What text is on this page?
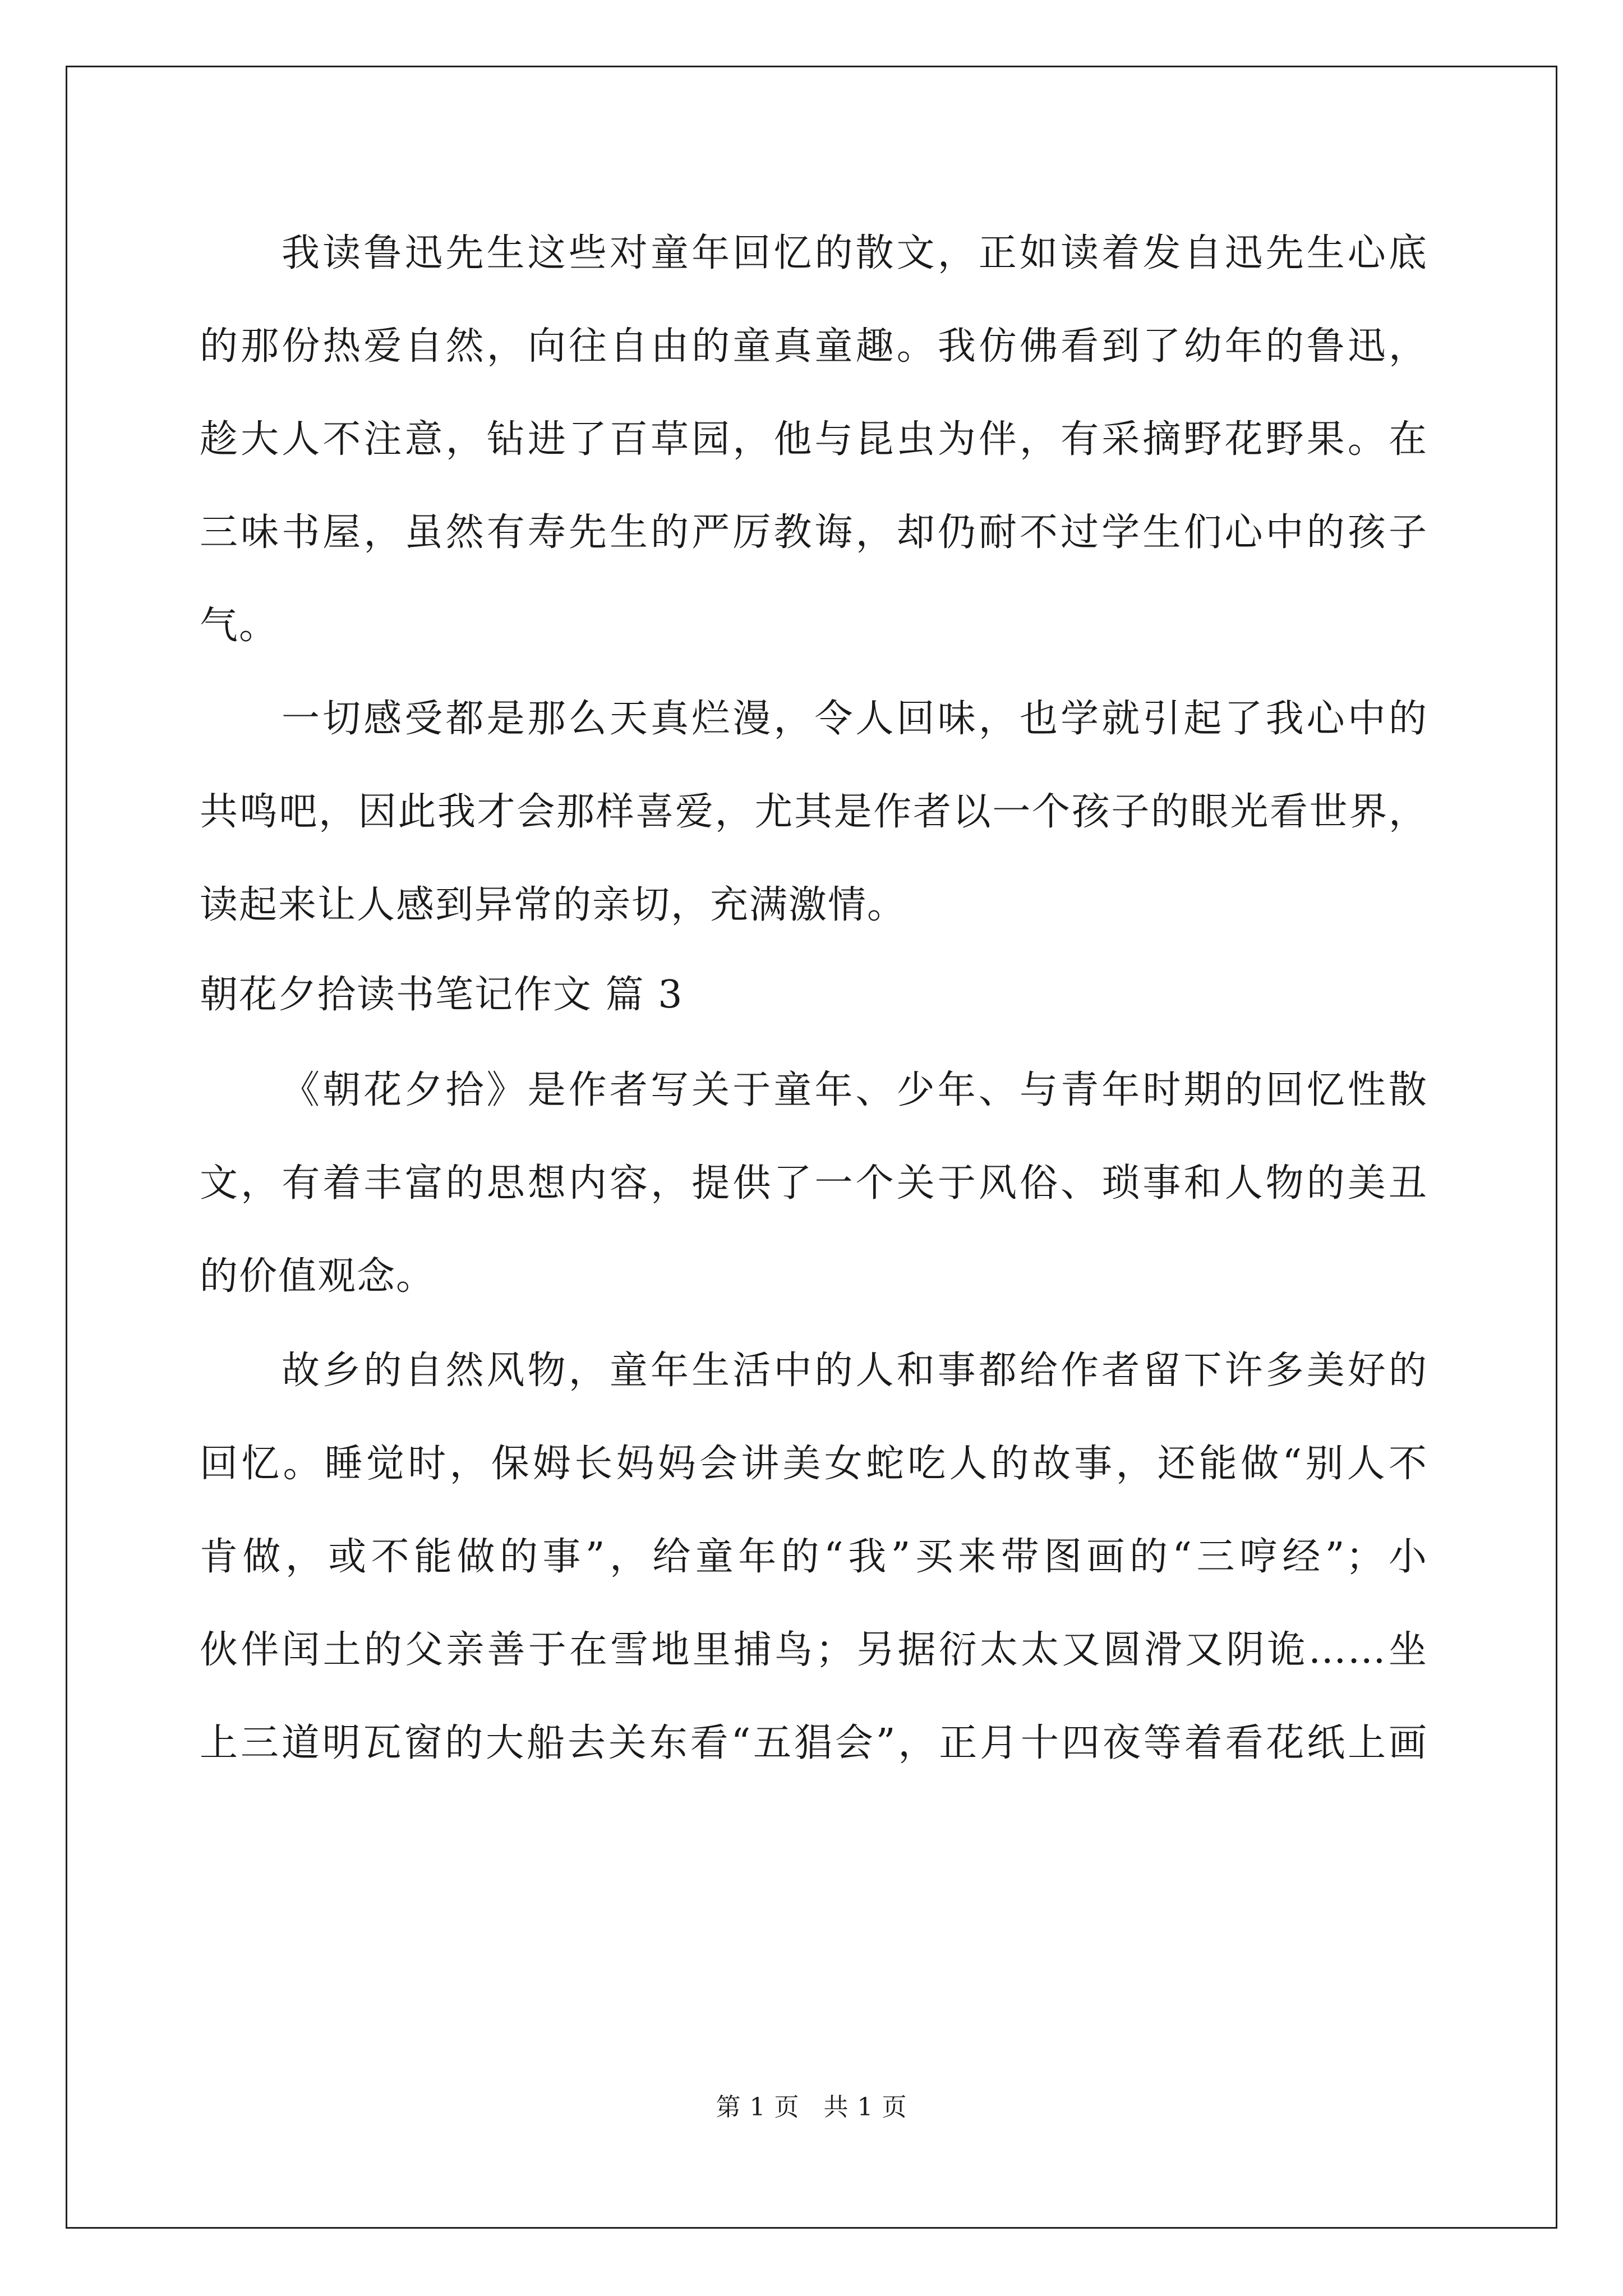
我读鲁迅先生这些对童年回忆的散文，正如读着发自迅先生心底
的那份热爱自然，向往自由的童真童趣。我仿佛看到了幼年的鲁迅，
趁大人不注意，钻进了百草园，他与昆虫为伴，有采摘野花野果。在
三味书屋，虽然有寿先生的严厉教诲，却仍耐不过学生们心中的孩子
气。
一切感受都是那么天真烂漫，令人回味，也学就引起了我心中的
共鸣吧，因此我才会那样喜爱，尤其是作者以一个孩子的眼光看世界，
读起来让人感到异常的亲切，充满激情。
朝花夕拾读书笔记作文 篇 3
《朝花夕拾》是作者写关于童年、少年、与青年时期的回忆性散
文，有着丰富的思想内容，提供了一个关于风俗、琐事和人物的美丑
的价值观念。
故乡的自然风物，童年生活中的人和事都给作者留下许多美好的
回忆。睡觉时，保姆长妈妈会讲美女蛇吃人的故事，还能做“别人不
肯做，或不能做的事”，给童年的“我”买来带图画的“三哼经”；小
伙伴闰土的父亲善于在雪地里捕鸟；另据衍太太又圆滑又阴诡……坐
上三道明瓦窗的大船去关东看“五猖会”，正月十四夜等着看花纸上画
第 1 页 共 1 页
